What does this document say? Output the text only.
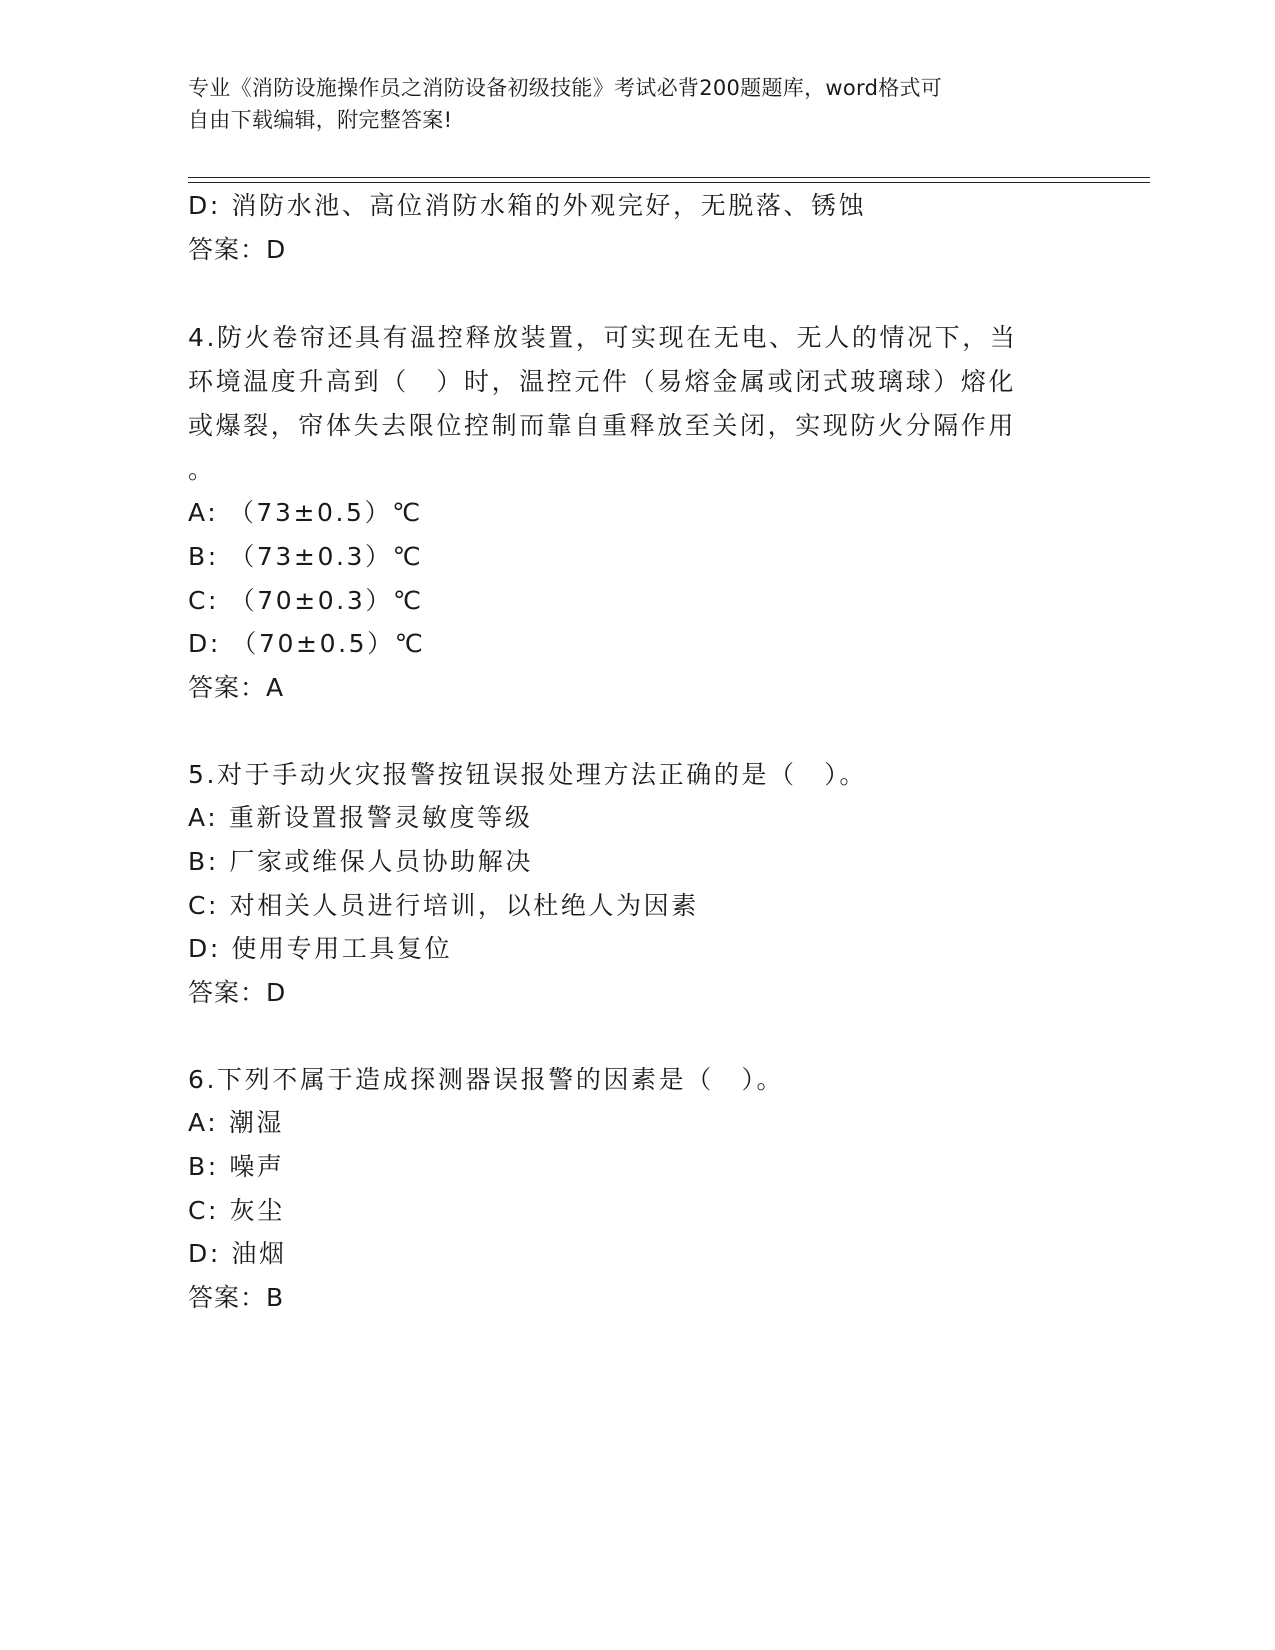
专业《消防设施操作员之消防设备初级技能》考试必背200题题库，word格式可
自由下载编辑，附完整答案!
D: 消防水池、高位消防水箱的外观完好，无脱落、锈蚀
答案：D
4.防火卷帘还具有温控释放装置，可实现在无电、无人的情况下，当
环境温度升高到（　）时，温控元件（易熔金属或闭式玻璃球）熔化
或爆裂，帘体失去限位控制而靠自重释放至关闭，实现防火分隔作用
。
A: （73±0.5）℃
B: （73±0.3）℃
C: （70±0.3）℃
D: （70±0.5）℃
答案：A
5.对于手动火灾报警按钮误报处理方法正确的是（　）。
A: 重新设置报警灵敏度等级
B: 厂家或维保人员协助解决
C: 对相关人员进行培训，以杜绝人为因素
D: 使用专用工具复位
答案：D
6.下列不属于造成探测器误报警的因素是（　）。
A: 潮湿
B: 噪声
C: 灰尘
D: 油烟
答案：B
